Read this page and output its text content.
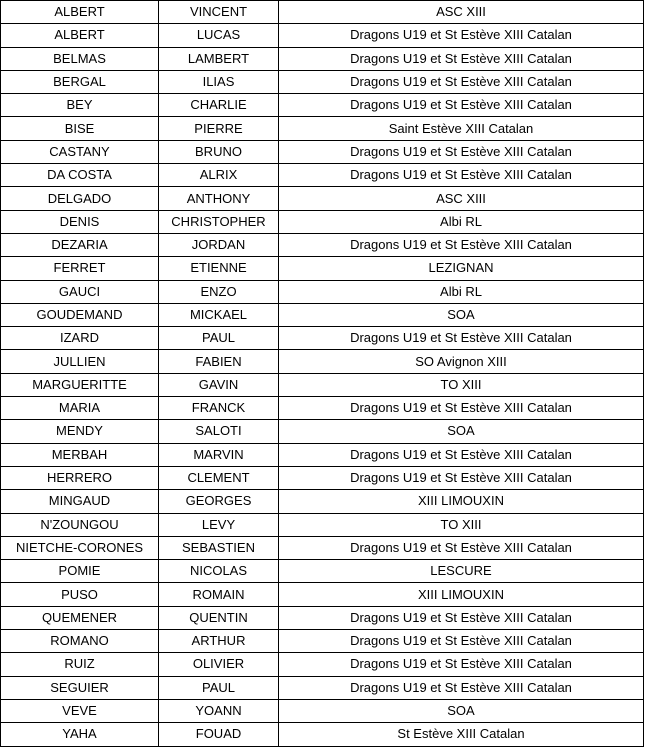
ALBERT	VINCENT	ASC XIII
ALBERT	LUCAS	Dragons U19 et St Estève XIII Catalan
BELMAS	LAMBERT	Dragons U19 et St Estève XIII Catalan
BERGAL	ILIAS	Dragons U19 et St Estève XIII Catalan
BEY	CHARLIE	Dragons U19 et St Estève XIII Catalan
BISE	PIERRE	Saint Estève XIII Catalan
CASTANY	BRUNO	Dragons U19 et St Estève XIII Catalan
DA COSTA	ALRIX	Dragons U19 et St Estève XIII Catalan
DELGADO	ANTHONY	ASC XIII
DENIS	CHRISTOPHER	Albi RL
DEZARIA	JORDAN	Dragons U19 et St Estève XIII Catalan
FERRET	ETIENNE	LEZIGNAN
GAUCI	ENZO	Albi RL
GOUDEMAND	MICKAEL	SOA
IZARD	PAUL	Dragons U19 et St Estève XIII Catalan
JULLIEN	FABIEN	SO Avignon XIII
MARGUERITTE	GAVIN	TO XIII
MARIA	FRANCK	Dragons U19 et St Estève XIII Catalan
MENDY	SALOTI	SOA
MERBAH	MARVIN	Dragons U19 et St Estève XIII Catalan
HERRERO	CLEMENT	Dragons U19 et St Estève XIII Catalan
MINGAUD	GEORGES	XIII LIMOUXIN
N'ZOUNGOU	LEVY	TO XIII
NIETCHE-CORONES	SEBASTIEN	Dragons U19 et St Estève XIII Catalan
POMIE	NICOLAS	LESCURE
PUSO	ROMAIN	XIII LIMOUXIN
QUEMENER	QUENTIN	Dragons U19 et St Estève XIII Catalan
ROMANO	ARTHUR	Dragons U19 et St Estève XIII Catalan
RUIZ	OLIVIER	Dragons U19 et St Estève XIII Catalan
SEGUIER	PAUL	Dragons U19 et St Estève XIII Catalan
VEVE	YOANN	SOA
YAHA	FOUAD	St Estève XIII Catalan
